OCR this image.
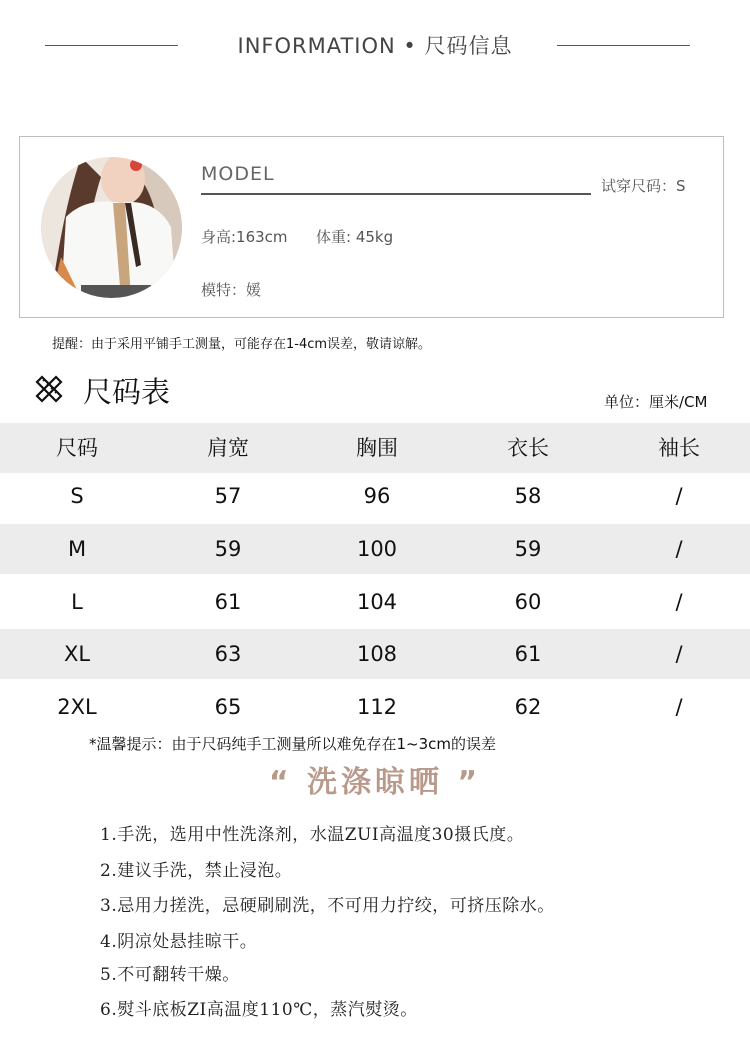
INFORMATION • 尺码信息
MODEL
试穿尺码：S
身高:163cm 体重: 45kg
模特：媛
提醒：由于采用平铺手工测量，可能存在1-4cm误差，敬请谅解。
尺码表	单位：厘米/CM
尺码	肩宽	胸围	衣长	袖长
S	57	96	58	/
M	59	100	59	/
L	61	104	60	/
XL	63	108	61	/
2XL	65	112	62	/
*温馨提示：由于尺码纯手工测量所以难免存在1~3cm的误差
“ 洗涤晾晒 ”
1.手洗，选用中性洗涤剂，水温ZUI高温度30摄氏度。
2.建议手洗，禁止浸泡。
3.忌用力搓洗，忌硬刷刷洗，不可用力拧绞，可挤压除水。
4.阴凉处悬挂晾干。
5.不可翻转干燥。
6.熨斗底板ZI高温度110℃，蒸汽熨烫。
